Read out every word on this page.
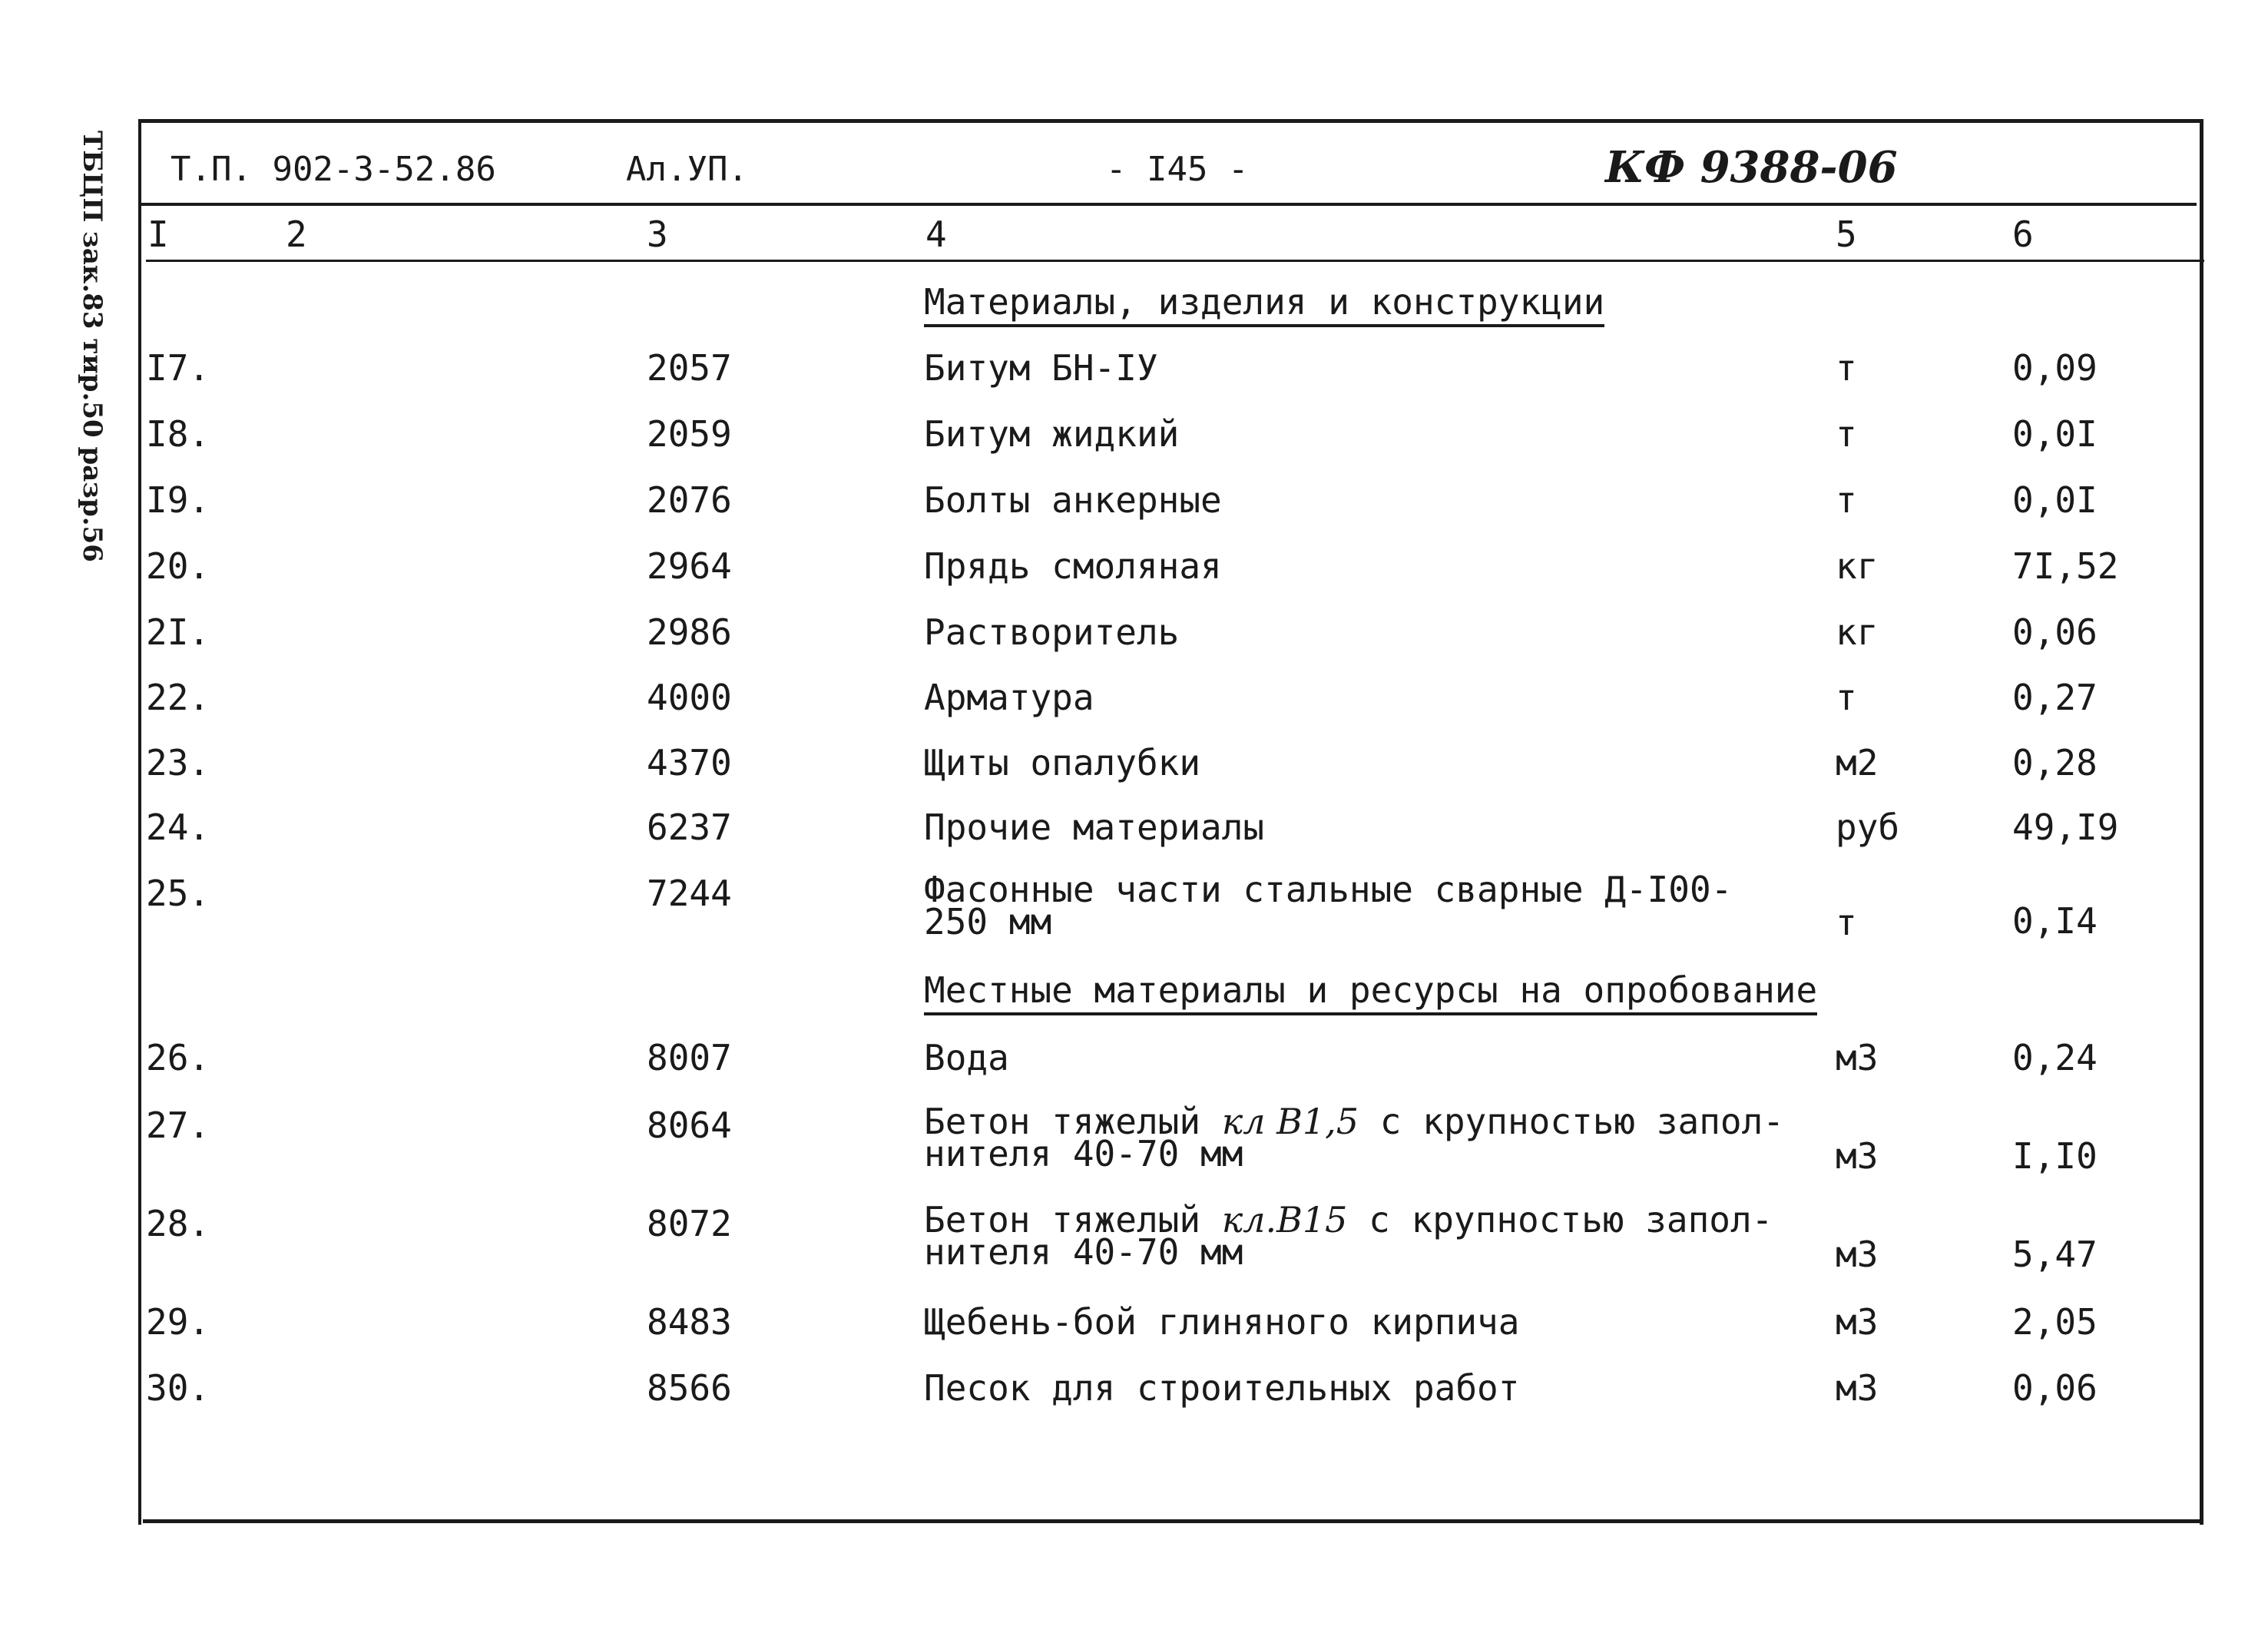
ТБЦП зак.83 тир.50 разр.56 Т.П. 902-3-52.86	Ал.УП.	- I45 -	КФ 9388-06
I	2	3	4	5	6
Материалы, изделия и конструкции
I7.	2057	Битум БН-IУ	т	0,09
I8.	2059	Битум жидкий	т	0,0I
I9.	2076	Болты анкерные	т	0,0I
20.	2964	Прядь смоляная	кг	7I,52
2I.	2986	Растворитель	кг	0,06
22.	4000	Арматура	т	0,27
23.	4370	Щиты опалубки	м2	0,28
24.	6237	Прочие материалы	руб	49,I9
25.	7244	Фасонные части стальные сварные Д-I00-
250 мм	т	0,I4
Местные материалы и ресурсы на опробование
26.	8007	Вода	м3	0,24
27.	8064	Бетон тяжелый кл В1,5 с крупностью запол-
нителя 40-70 мм	м3	I,I0
28.	8072	Бетон тяжелый кл.В15 с крупностью запол-
нителя 40-70 мм	м3	5,47
29.	8483	Щебень-бой глиняного кирпича	м3	2,05
30.	8566	Песок для строительных работ	м3	0,06
